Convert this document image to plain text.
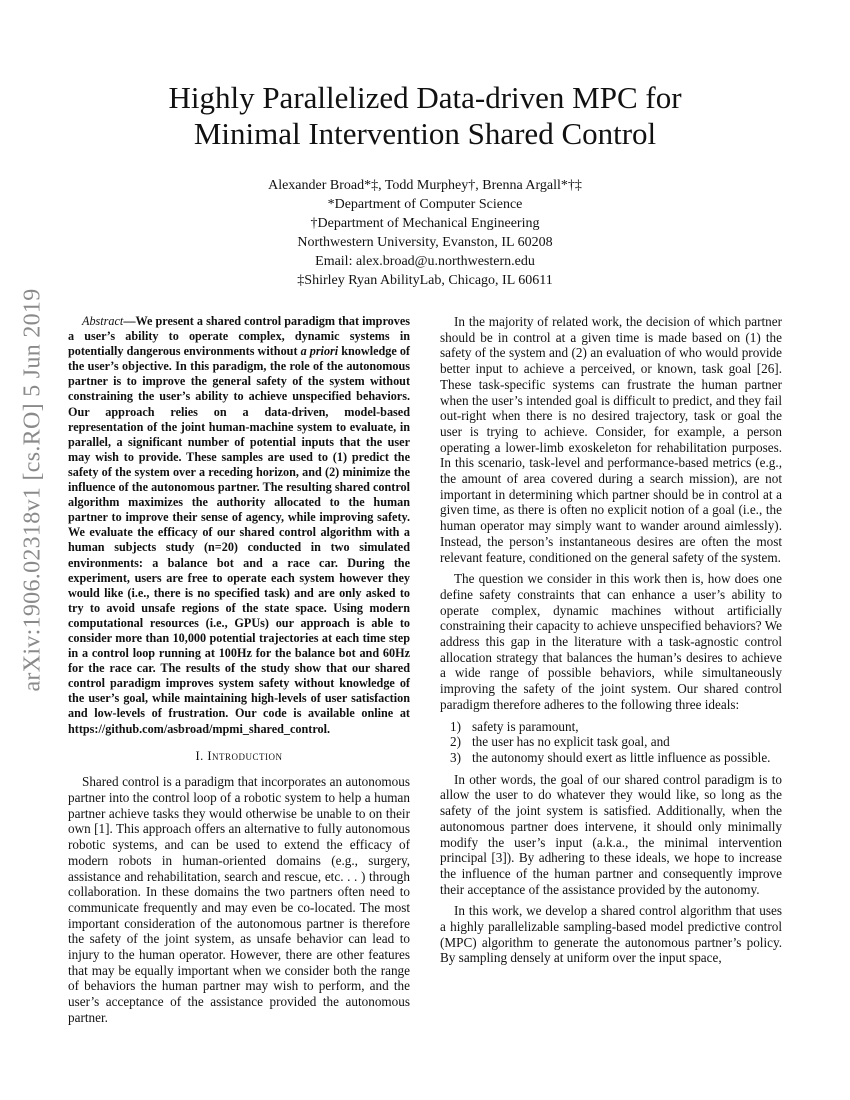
Highly Parallelized Data-driven MPC for
Minimal Intervention Shared Control
Alexander Broad*‡, Todd Murphey†, Brenna Argall*†‡
*Department of Computer Science
†Department of Mechanical Engineering
Northwestern University, Evanston, IL 60208
Email: alex.broad@u.northwestern.edu
‡Shirley Ryan AbilityLab, Chicago, IL 60611
arXiv:1906.02318v1 [cs.RO] 5 Jun 2019	Abstract—We present a shared control paradigm that improves a user’s ability to operate complex, dynamic systems in potentially dangerous environments without a priori knowledge of the user’s objective. In this paradigm, the role of the autonomous partner is to improve the general safety of the system without constraining the user’s ability to achieve unspecified behaviors. Our approach relies on a data-driven, model-based representation of the joint human-machine system to evaluate, in parallel, a significant number of potential inputs that the user may wish to provide. These samples are used to (1) predict the safety of the system over a receding horizon, and (2) minimize the influence of the autonomous partner. The resulting shared control algorithm maximizes the authority allocated to the human partner to improve their sense of agency, while improving safety. We evaluate the efficacy of our shared control algorithm with a human subjects study (n=20) conducted in two simulated environments: a balance bot and a race car. During the experiment, users are free to operate each system however they would like (i.e., there is no specified task) and are only asked to try to avoid unsafe regions of the state space. Using modern computational resources (i.e., GPUs) our approach is able to consider more than 10,000 potential trajectories at each time step in a control loop running at 100Hz for the balance bot and 60Hz for the race car. The results of the study show that our shared control paradigm improves system safety without knowledge of the user’s goal, while maintaining high-levels of user satisfaction and low-levels of frustration. Our code is available online at https://github.com/asbroad/mpmi_shared_control.

I. Introduction

Shared control is a paradigm that incorporates an autonomous partner into the control loop of a robotic system to help a human partner achieve tasks they would otherwise be unable to on their own [1]. This approach offers an alternative to fully autonomous robotic systems, and can be used to extend the efficacy of modern robots in human-oriented domains (e.g., surgery, assistance and rehabilitation, search and rescue, etc. . . ) through collaboration. In these domains the two partners often need to communicate frequently and may even be co-located. The most important consideration of the autonomous partner is therefore the safety of the joint system, as unsafe behavior can lead to injury to the human operator. However, there are other features that may be equally important when we consider both the range of behaviors the human partner may wish to perform, and the user’s acceptance of the assistance provided the autonomous partner.

In the majority of related work, the decision of which partner should be in control at a given time is made based on (1) the safety of the system and (2) an evaluation of who would provide better input to achieve a perceived, or known, task goal [26]. These task-specific systems can frustrate the human partner when the user’s intended goal is difficult to predict, and they fail out-right when there is no desired trajectory, task or goal the user is trying to achieve. Consider, for example, a person operating a lower-limb exoskeleton for rehabilitation purposes. In this scenario, task-level and performance-based metrics (e.g., the amount of area covered during a search mission), are not important in determining which partner should be in control at a given time, as there is often no explicit notion of a goal (i.e., the human operator may simply want to wander around aimlessly). Instead, the person’s instantaneous desires are often the most relevant feature, conditioned on the general safety of the system.

The question we consider in this work then is, how does one define safety constraints that can enhance a user’s ability to operate complex, dynamic machines without artificially constraining their capacity to achieve unspecified behaviors? We address this gap in the literature with a task-agnostic control allocation strategy that balances the human’s desires to achieve a wide range of possible behaviors, while simultaneously improving the safety of the joint system. Our shared control paradigm therefore adheres to the following three ideals:

1) safety is paramount,
2) the user has no explicit task goal, and
3) the autonomy should exert as little influence as possible.

In other words, the goal of our shared control paradigm is to allow the user to do whatever they would like, so long as the safety of the joint system is satisfied. Additionally, when the autonomous partner does intervene, it should only minimally modify the user’s input (a.k.a., the minimal intervention principal [3]). By adhering to these ideals, we hope to increase the influence of the human partner and consequently improve their acceptance of the assistance provided by the autonomy.

In this work, we develop a shared control algorithm that uses a highly parallelizable sampling-based model predictive control (MPC) algorithm to generate the autonomous partner’s policy. By sampling densely at uniform over the input space,
